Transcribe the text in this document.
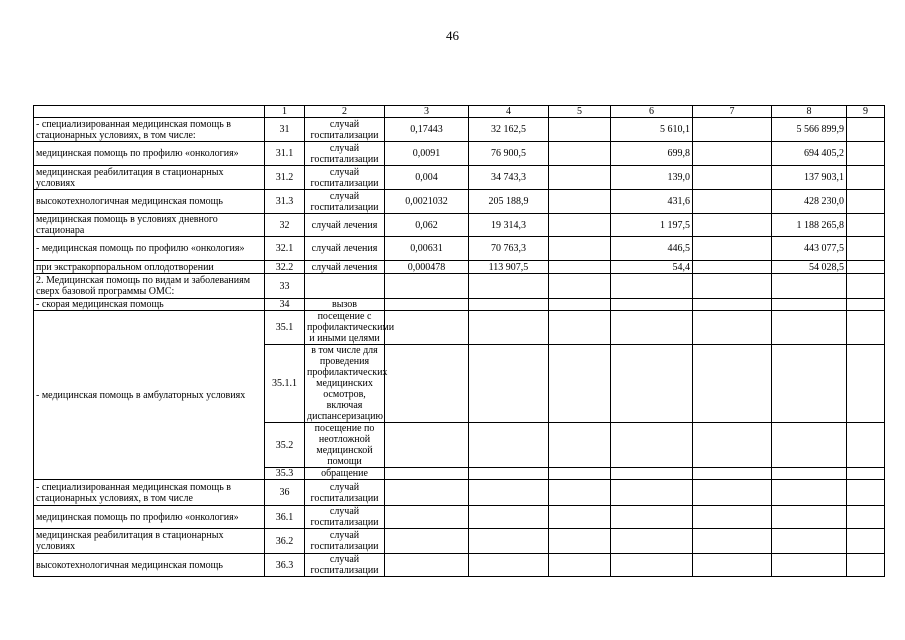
46
	1	2	3	4	5	6	7	8	9
- специализированная медицинская помощь в стационарных условиях, в том числе:	31	случай госпитализации	0,17443	32 162,5		5 610,1		5 566 899,9	
медицинская помощь по профилю «онкология»	31.1	случай госпитализации	0,0091	76 900,5		699,8		694 405,2	
медицинская реабилитация в стационарных условиях	31.2	случай госпитализации	0,004	34 743,3		139,0		137 903,1	
высокотехнологичная медицинская помощь	31.3	случай госпитализации	0,0021032	205 188,9		431,6		428 230,0	
медицинская помощь в условиях дневного стационара	32	случай лечения	0,062	19 314,3		1 197,5		1 188 265,8	
- медицинская помощь по профилю «онкология»	32.1	случай лечения	0,00631	70 763,3		446,5		443 077,5	
при экстракорпоральном оплодотворении	32.2	случай лечения	0,000478	113 907,5		54,4		54 028,5	
2. Медицинская помощь по видам и заболеваниям сверх базовой программы ОМС:	33								
- скорая медицинская помощь	34	вызов							
- медицинская помощь в амбулаторных условиях	35.1	посещение с профилактическими и иными целями							
	35.1.1	в том числе для проведения профилактических медицинских осмотров, включая диспансеризацию							
	35.2	посещение по неотложной медицинской помощи							
	35.3	обращение							
- специализированная медицинская помощь в стационарных условиях, в том числе	36	случай госпитализации							
медицинская помощь по профилю «онкология»	36.1	случай госпитализации							
медицинская реабилитация в стационарных условиях	36.2	случай госпитализации							
высокотехнологичная медицинская помощь	36.3	случай госпитализации							
